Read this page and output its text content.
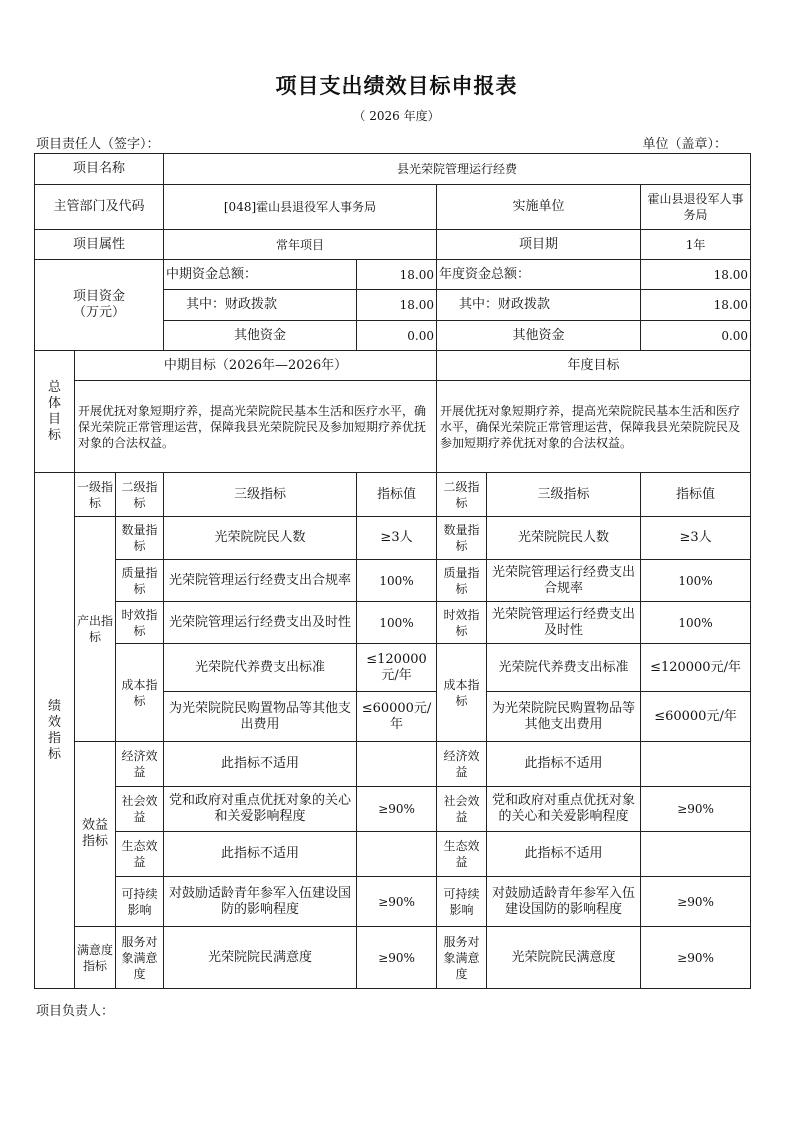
项目支出绩效目标申报表
（ 2026 年度）
项目责任人（签字）：	单位（盖章）：
项目名称			县光荣院管理运行经费				
主管部门及代码			[048]霍山县退役军人事务局		实施单位		霍山县退役军人事务局
项目属性			常年项目		项目期		1年

项目资金
（万元）			中期资金总额：	18.00	年度资金总额：		18.00
			其中：财政拨款	18.00	其中：财政拨款		18.00
			其他资金	0.00	其他资金		0.00
总体目标	中期目标（2026年—2026年）				年度目标		
	开展优抚对象短期疗养，提高光荣院院民基本生活和医疗水平，确保光荣院正常管理运营，保障我县光荣院院民及参加短期疗养优抚对象的合法权益。				开展优抚对象短期疗养，提高光荣院院民基本生活和医疗水平，确保光荣院正常管理运营，保障我县光荣院院民及参加短期疗养优抚对象的合法权益。		
绩效指标	一级指标	二级指标	三级指标	指标值	二级指标	三级指标	指标值
	产出指标	数量指标	光荣院院民人数	≥3人	数量指标	光荣院院民人数	≥3人
		质量指标	光荣院管理运行经费支出合规率	100%	质量指标	光荣院管理运行经费支出合规率	100%
		时效指标	光荣院管理运行经费支出及时性	100%	时效指标	光荣院管理运行经费支出及时性	100%
		成本指标	光荣院代养费支出标准	≤120000元/年	成本指标	光荣院代养费支出标准	≤120000元/年
			为光荣院院民购置物品等其他支出费用	≤60000元/年		为光荣院院民购置物品等其他支出费用	≤60000元/年
	效益指标	经济效益	此指标不适用		经济效益	此指标不适用	
		社会效益	党和政府对重点优抚对象的关心和关爱影响程度	≥90%	社会效益	党和政府对重点优抚对象的关心和关爱影响程度	≥90%
		生态效益	此指标不适用		生态效益	此指标不适用	
		可持续影响	对鼓励适龄青年参军入伍建设国防的影响程度	≥90%	可持续影响	对鼓励适龄青年参军入伍建设国防的影响程度	≥90%
	满意度指标	服务对象满意度	光荣院院民满意度	≥90%	服务对象满意度	光荣院院民满意度	≥90%
项目负责人：
